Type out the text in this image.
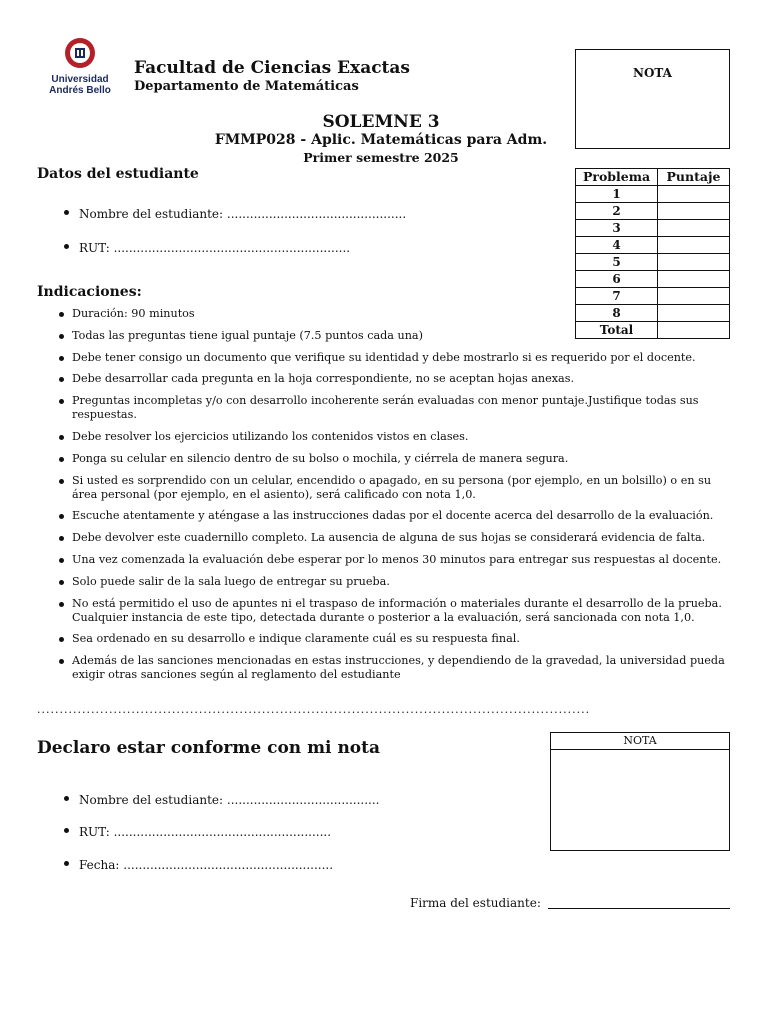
Universidad
Andrés Bello
Facultad de Ciencias Exactas
Departamento de Matemáticas
SOLEMNE 3
FMMP028 - Aplic. Matemáticas para Adm.
Primer semestre 2025
NOTA
Problema	Puntaje
1	
2	
3	
4	
5	
6	
7	
8	
Total	
Datos del estudiante
Nombre del estudiante: ...............................................
RUT: ..............................................................
Indicaciones:
Duración: 90 minutos
Todas las preguntas tiene igual puntaje (7.5 puntos cada una)
Debe tener consigo un documento que verifique su identidad y debe mostrarlo si es requerido por el docente.
Debe desarrollar cada pregunta en la hoja correspondiente, no se aceptan hojas anexas.
Preguntas incompletas y/o con desarrollo incoherente serán evaluadas con menor puntaje.Justifique todas sus respuestas.
Debe resolver los ejercicios utilizando los contenidos vistos en clases.
Ponga su celular en silencio dentro de su bolso o mochila, y ciérrela de manera segura.
Si usted es sorprendido con un celular, encendido o apagado, en su persona (por ejemplo, en un bolsillo) o en su área personal (por ejemplo, en el asiento), será calificado con nota 1,0.
Escuche atentamente y aténgase a las instrucciones dadas por el docente acerca del desarrollo de la evaluación.
Debe devolver este cuadernillo completo. La ausencia de alguna de sus hojas se considerará evidencia de falta.
Una vez comenzada la evaluación debe esperar por lo menos 30 minutos para entregar sus respuestas al docente.
Solo puede salir de la sala luego de entregar su prueba.
No está permitido el uso de apuntes ni el traspaso de información o materiales durante el desarrollo de la prueba. Cualquier instancia de este tipo, detectada durante o posterior a la evaluación, será sancionada con nota 1,0.
Sea ordenado en su desarrollo e indique claramente cuál es su respuesta final.
Además de las sanciones mencionadas en estas instrucciones, y dependiendo de la gravedad, la universidad pueda exigir otras sanciones según al reglamento del estudiante
...........................................................................................................................
Declaro estar conforme con mi nota	NOTA
Nombre del estudiante: ........................................
RUT: .........................................................
Fecha: .......................................................
Firma del estudiante:
